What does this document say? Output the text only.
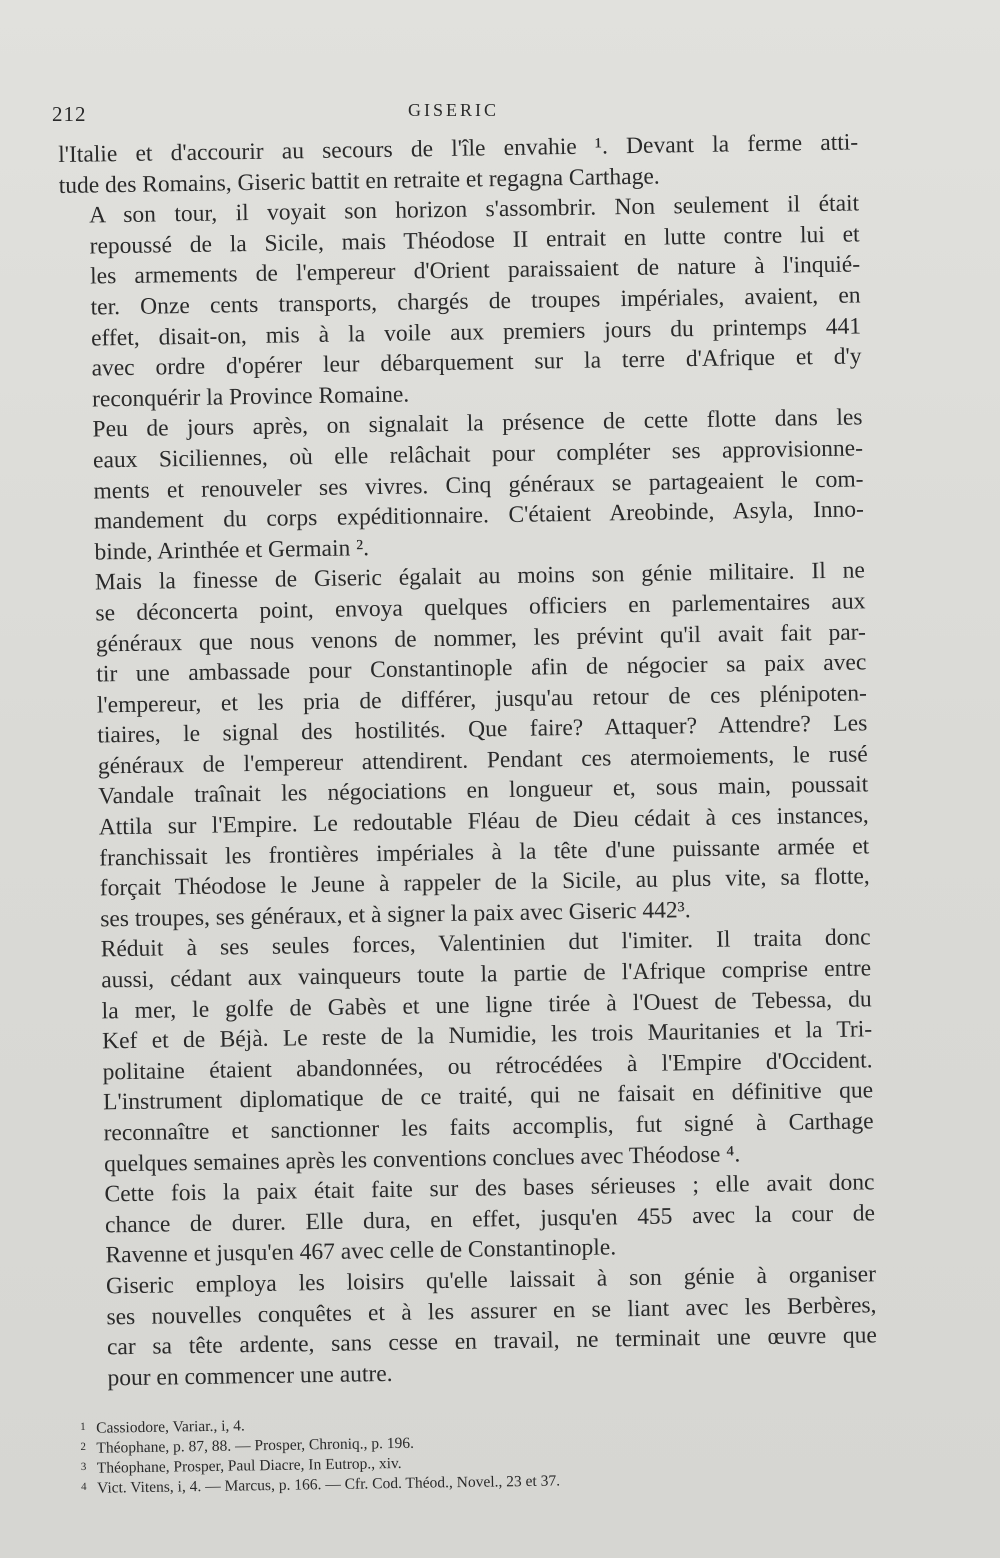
212	GISERIC

l'Italie et d'accourir au secours de l'île envahie ¹. Devant la ferme atti-
tude des Romains, Giseric battit en retraite et regagna Carthage.

A son tour, il voyait son horizon s'assombrir. Non seulement il était
repoussé de la Sicile, mais Théodose II entrait en lutte contre lui et
les armements de l'empereur d'Orient paraissaient de nature à l'inquié-
ter. Onze cents transports, chargés de troupes impériales, avaient, en
effet, disait-on, mis à la voile aux premiers jours du printemps 441
avec ordre d'opérer leur débarquement sur la terre d'Afrique et d'y
reconquérir la Province Romaine.

Peu de jours après, on signalait la présence de cette flotte dans les
eaux Siciliennes, où elle relâchait pour compléter ses approvisionne-
ments et renouveler ses vivres. Cinq généraux se partageaient le com-
mandement du corps expéditionnaire. C'étaient Areobinde, Asyla, Inno-
binde, Arinthée et Germain ².

Mais la finesse de Giseric égalait au moins son génie militaire. Il ne
se déconcerta point, envoya quelques officiers en parlementaires aux
généraux que nous venons de nommer, les prévint qu'il avait fait par-
tir une ambassade pour Constantinople afin de négocier sa paix avec
l'empereur, et les pria de différer, jusqu'au retour de ces plénipoten-
tiaires, le signal des hostilités. Que faire? Attaquer? Attendre? Les
généraux de l'empereur attendirent. Pendant ces atermoiements, le rusé
Vandale traînait les négociations en longueur et, sous main, poussait
Attila sur l'Empire. Le redoutable Fléau de Dieu cédait à ces instances,
franchissait les frontières impériales à la tête d'une puissante armée et
forçait Théodose le Jeune à rappeler de la Sicile, au plus vite, sa flotte,
ses troupes, ses généraux, et à signer la paix avec Giseric 442³.

Réduit à ses seules forces, Valentinien dut l'imiter. Il traita donc
aussi, cédant aux vainqueurs toute la partie de l'Afrique comprise entre
la mer, le golfe de Gabès et une ligne tirée à l'Ouest de Tebessa, du
Kef et de Béjà. Le reste de la Numidie, les trois Mauritanies et la Tri-
politaine étaient abandonnées, ou rétrocédées à l'Empire d'Occident.
L'instrument diplomatique de ce traité, qui ne faisait en définitive que
reconnaître et sanctionner les faits accomplis, fut signé à Carthage
quelques semaines après les conventions conclues avec Théodose ⁴.

Cette fois la paix était faite sur des bases sérieuses ; elle avait donc
chance de durer. Elle dura, en effet, jusqu'en 455 avec la cour de
Ravenne et jusqu'en 467 avec celle de Constantinople.

Giseric employa les loisirs qu'elle laissait à son génie à organiser
ses nouvelles conquêtes et à les assurer en se liant avec les Berbères,
car sa tête ardente, sans cesse en travail, ne terminait une œuvre que
pour en commencer une autre.

1 Cassiodore, Variar., i, 4.

2 Théophane, p. 87, 88. — Prosper, Chroniq., p. 196.

3 Théophane, Prosper, Paul Diacre, In Eutrop., xiv.

4 Vict. Vitens, i, 4. — Marcus, p. 166. — Cfr. Cod. Théod., Novel., 23 et 37.
